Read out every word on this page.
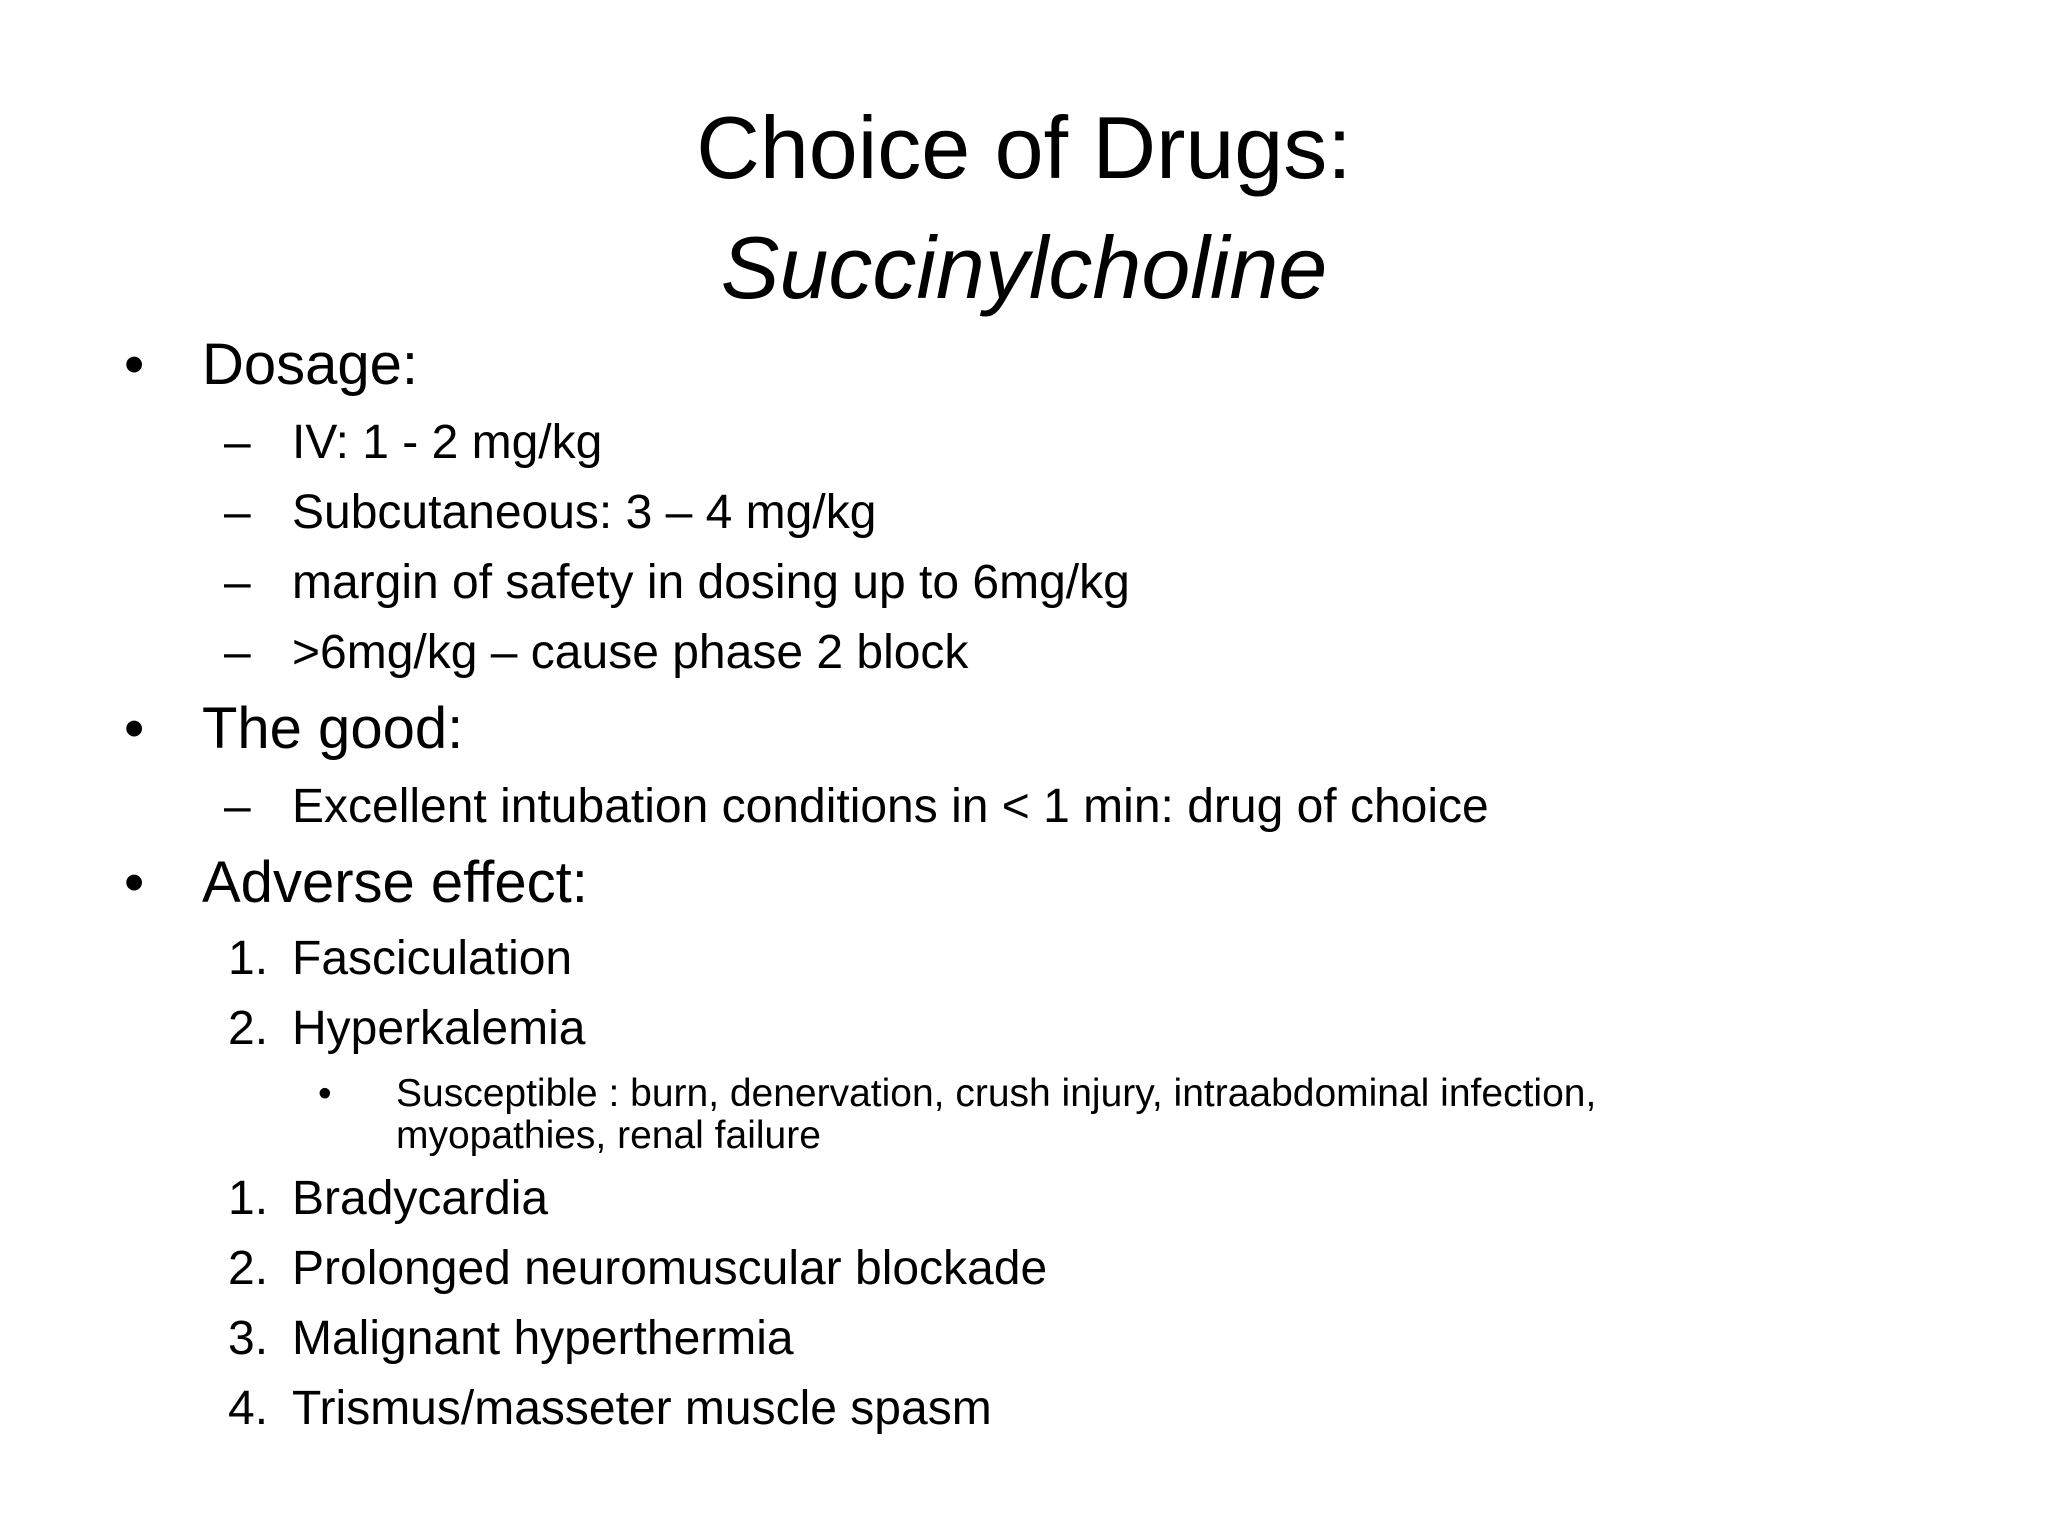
Choice of Drugs:
Succinylcholine
• Dosage:
– IV: 1 - 2 mg/kg
– Subcutaneous: 3 – 4 mg/kg
– margin of safety in dosing up to 6mg/kg
– >6mg/kg – cause phase 2 block
• The good:
– Excellent intubation conditions in < 1 min: drug of choice
• Adverse effect:
1. Fasciculation
2. Hyperkalemia
• Susceptible : burn, denervation, crush injury, intraabdominal infection,
myopathies, renal failure
1. Bradycardia
2. Prolonged neuromuscular blockade
3. Malignant hyperthermia
4. Trismus/masseter muscle spasm
